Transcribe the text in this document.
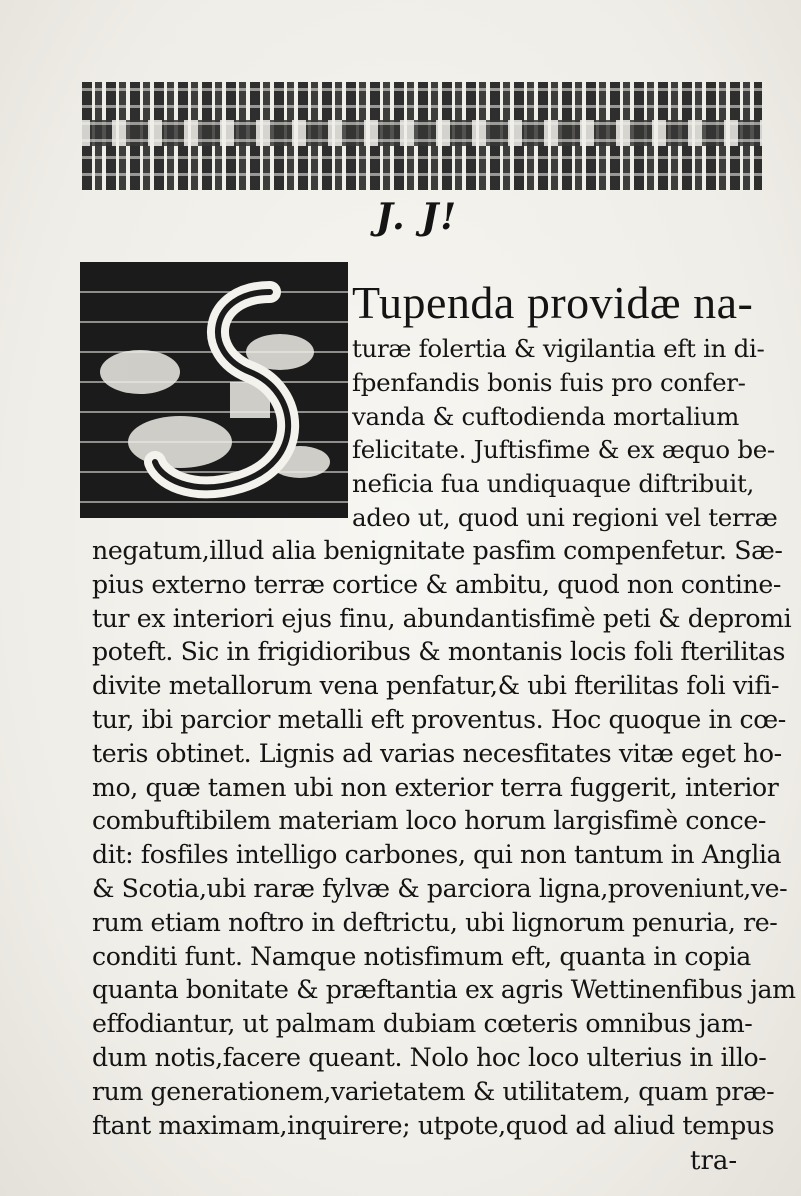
J. J!
Tupenda providæ na-
turæ folertia & vigilantia eft in di-
fpenfandis bonis fuis pro confer-
vanda & cuftodienda mortalium
felicitate. Juftisfime & ex æquo be-
neficia fua undiquaque diftribuit,
adeo ut, quod uni regioni vel terræ
negatum,illud alia benignitate pasfim compenfetur. Sæ-
pius externo terræ cortice & ambitu, quod non contine-
tur ex interiori ejus finu, abundantisfimè peti & depromi
poteft. Sic in frigidioribus & montanis locis foli fterilitas
divite metallorum vena penfatur,& ubi fterilitas foli vifi-
tur, ibi parcior metalli eft proventus. Hoc quoque in cœ-
teris obtinet. Lignis ad varias necesfitates vitæ eget ho-
mo, quæ tamen ubi non exterior terra fuggerit, interior
combuftibilem materiam loco horum largisfimè conce-
dit: fosfiles intelligo carbones, qui non tantum in Anglia
& Scotia,ubi raræ fylvæ & parciora ligna,proveniunt,ve-
rum etiam noftro in deftrictu, ubi lignorum penuria, re-
conditi funt. Namque notisfimum eft, quanta in copia
quanta bonitate & præftantia ex agris Wettinenfibus jam
effodiantur, ut palmam dubiam cœteris omnibus jam-
dum notis,facere queant. Nolo hoc loco ulterius in illo-
rum generationem,varietatem & utilitatem, quam præ-
ftant maximam,inquirere; utpote,quod ad aliud tempus
tra-
